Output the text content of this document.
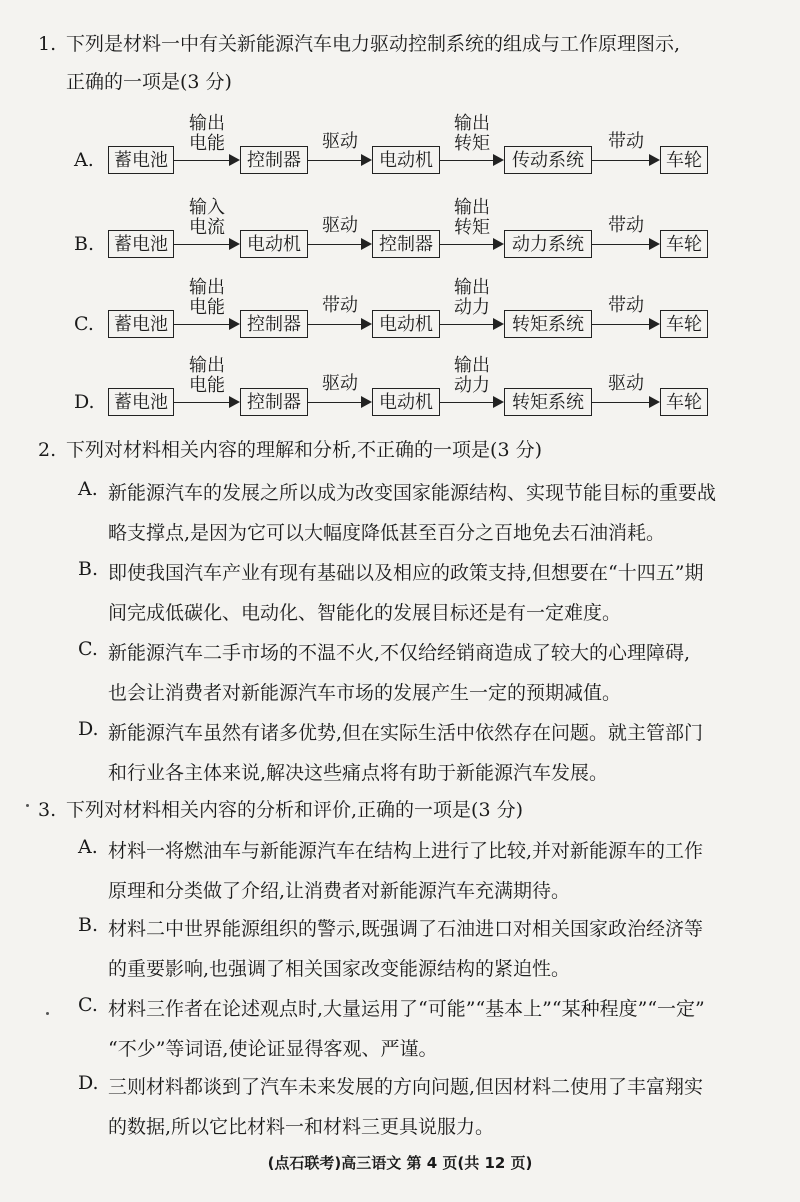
1. 下列是材料一中有关新能源汽车电力驱动控制系统的组成与工作原理图示,
正确的一项是(3 分)
A.	蓄电池	控制器	电动机	传动系统	车轮
输出
电能	驱动
输出
转矩	带动
B.	蓄电池	电动机	控制器	动力系统	车轮
输入
电流	驱动
输出
转矩	带动
C.	蓄电池	控制器	电动机	转矩系统	车轮
输出
电能	带动
输出
动力	带动
D.	蓄电池	控制器	电动机	转矩系统	车轮
输出
电能	驱动
输出
动力	驱动
2. 下列对材料相关内容的理解和分析,不正确的一项是(3 分)
A. 新能源汽车的发展之所以成为改变国家能源结构、实现节能目标的重要战
略支撑点,是因为它可以大幅度降低甚至百分之百地免去石油消耗。
B. 即使我国汽车产业有现有基础以及相应的政策支持,但想要在“十四五”期
间完成低碳化、电动化、智能化的发展目标还是有一定难度。
C. 新能源汽车二手市场的不温不火,不仅给经销商造成了较大的心理障碍,
也会让消费者对新能源汽车市场的发展产生一定的预期减值。
D. 新能源汽车虽然有诸多优势,但在实际生活中依然存在问题。就主管部门
和行业各主体来说,解决这些痛点将有助于新能源汽车发展。
3. 下列对材料相关内容的分析和评价,正确的一项是(3 分)
A. 材料一将燃油车与新能源汽车在结构上进行了比较,并对新能源车的工作
原理和分类做了介绍,让消费者对新能源汽车充满期待。
B. 材料二中世界能源组织的警示,既强调了石油进口对相关国家政治经济等
的重要影响,也强调了相关国家改变能源结构的紧迫性。
C. 材料三作者在论述观点时,大量运用了“可能”“基本上”“某种程度”“一定”
“不少”等词语,使论证显得客观、严谨。
D. 三则材料都谈到了汽车未来发展的方向问题,但因材料二使用了丰富翔实
的数据,所以它比材料一和材料三更具说服力。
(点石联考)高三语文 第 4 页(共 12 页)
